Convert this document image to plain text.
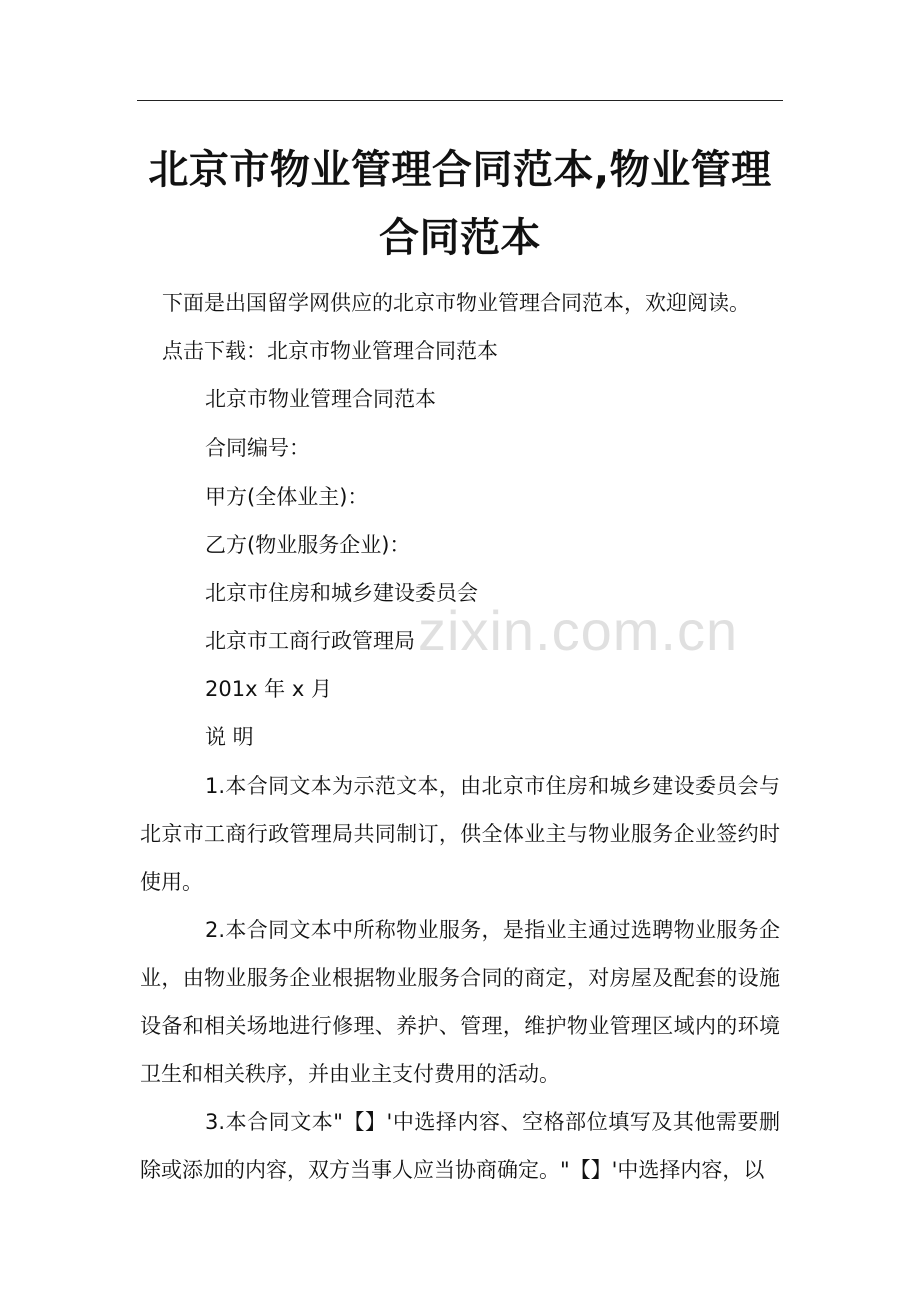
北京市物业管理合同范本,物业管理合同范本

下面是出国留学网供应的北京市物业管理合同范本，欢迎阅读。

点击下载：北京市物业管理合同范本

北京市物业管理合同范本

合同编号：

甲方(全体业主)：

乙方(物业服务企业)：

北京市住房和城乡建设委员会

北京市工商行政管理局

201x 年 x 月

说 明

1.本合同文本为示范文本，由北京市住房和城乡建设委员会与北京市工商行政管理局共同制订，供全体业主与物业服务企业签约时使用。

2.本合同文本中所称物业服务，是指业主通过选聘物业服务企业，由物业服务企业根据物业服务合同的商定，对房屋及配套的设施设备和相关场地进行修理、养护、管理，维护物业管理区域内的环境卫生和相关秩序，并由业主支付费用的活动。

3.本合同文本"【】'中选择内容、空格部位填写及其他需要删除或添加的内容，双方当事人应当协商确定。"【】'中选择内容，以

zixin.com.cn
